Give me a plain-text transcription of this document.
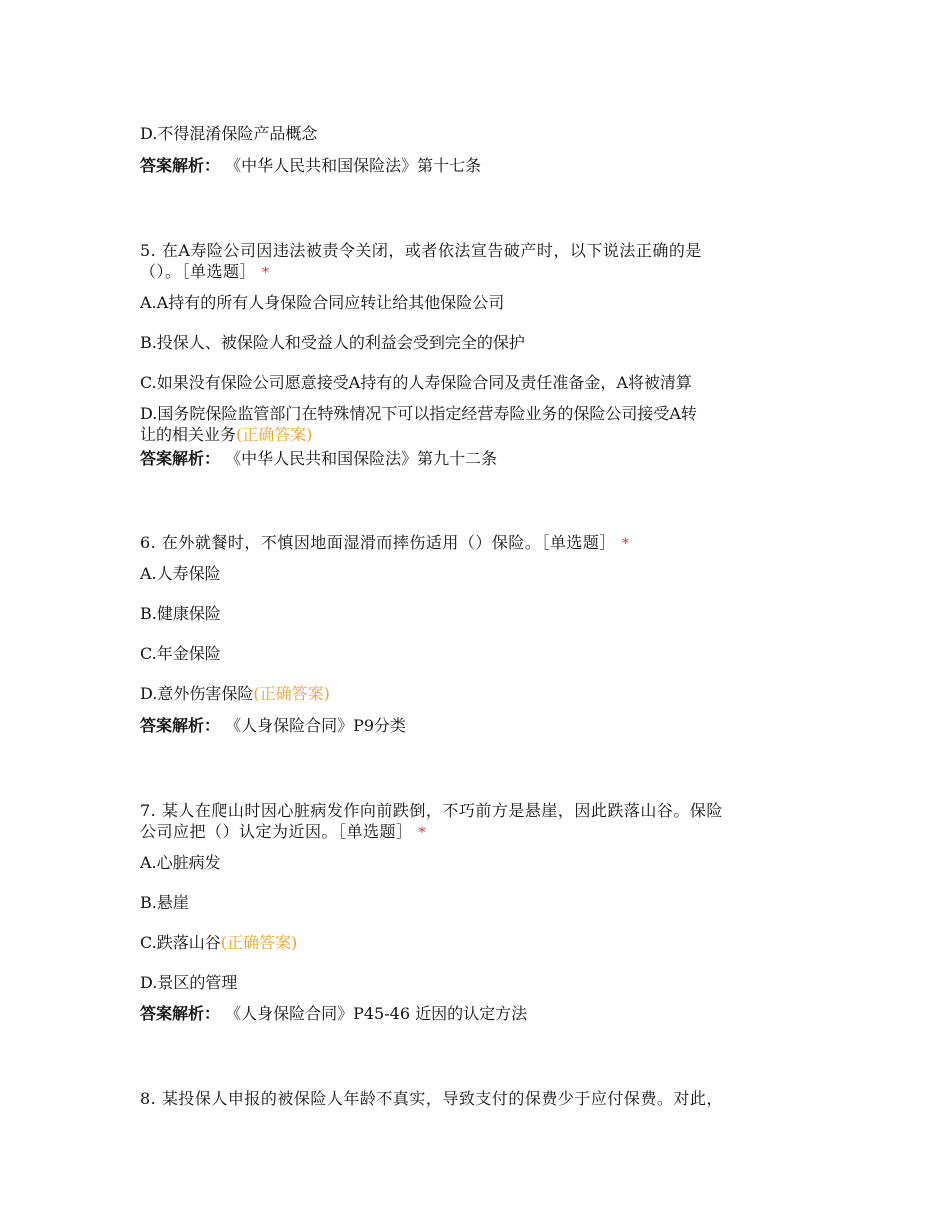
D.不得混淆保险产品概念
答案解析： 《中华人民共和国保险法》第十七条
5. 在A寿险公司因违法被责令关闭，或者依法宣告破产时，以下说法正确的是
（）。［单选题］ *
A.A持有的所有人身保险合同应转让给其他保险公司
B.投保人、被保险人和受益人的利益会受到完全的保护
C.如果没有保险公司愿意接受A持有的人寿保险合同及责任准备金，A将被清算
D.国务院保险监管部门在特殊情况下可以指定经营寿险业务的保险公司接受A转
让的相关业务(正确答案)
答案解析： 《中华人民共和国保险法》第九十二条
6. 在外就餐时，不慎因地面湿滑而摔伤适用（）保险。［单选题］ *
A.人寿保险
B.健康保险
C.年金保险
D.意外伤害保险(正确答案)
答案解析： 《人身保险合同》P9分类
7. 某人在爬山时因心脏病发作向前跌倒，不巧前方是悬崖，因此跌落山谷。保险
公司应把（）认定为近因。［单选题］ *
A.心脏病发
B.悬崖
C.跌落山谷(正确答案)
D.景区的管理
答案解析： 《人身保险合同》P45-46 近因的认定方法
8. 某投保人申报的被保险人年龄不真实，导致支付的保费少于应付保费。对此，
